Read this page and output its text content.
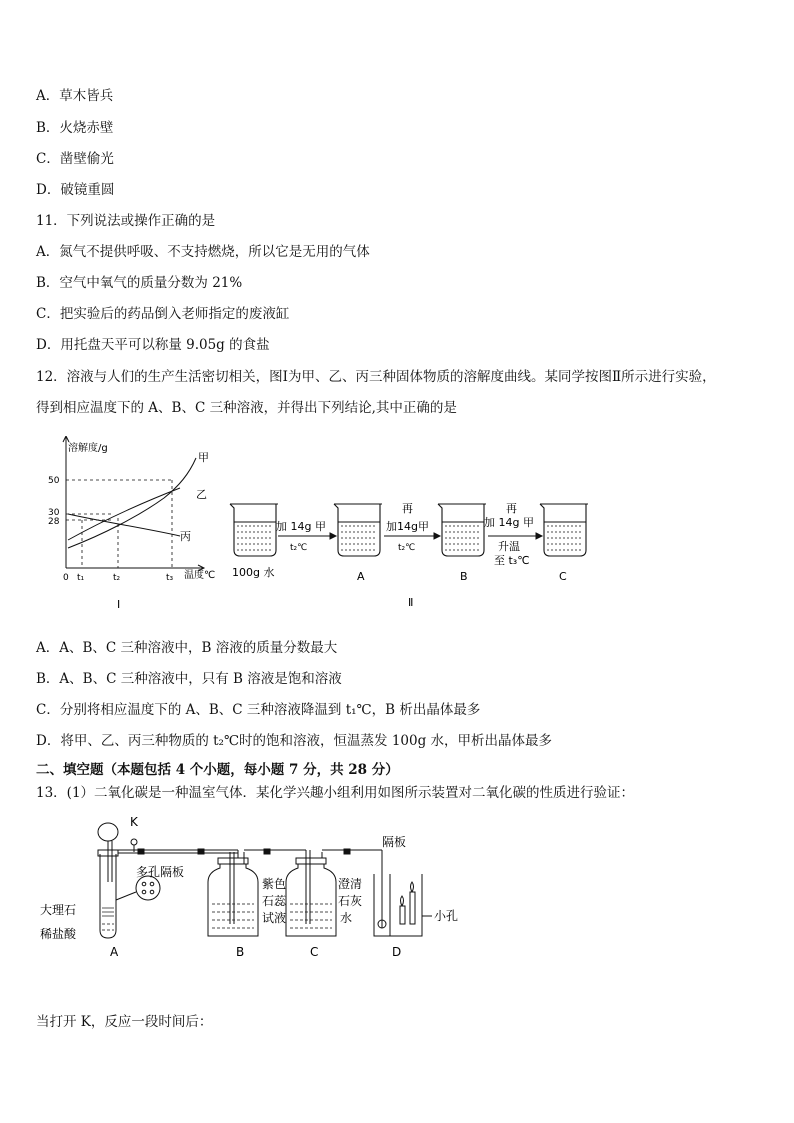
A．草木皆兵
B．火烧赤壁
C．凿壁偷光
D．破镜重圆
11．下列说法或操作正确的是
A．氮气不提供呼吸、不支持燃烧，所以它是无用的气体
B．空气中氧气的质量分数为 21%
C．把实验后的药品倒入老师指定的废液缸
D．用托盘天平可以称量 9.05g 的食盐
12．溶液与人们的生产生活密切相关，图Ⅰ为甲、乙、丙三种固体物质的溶解度曲线。某同学按图Ⅱ所示进行实验，
得到相应温度下的 A、B、C 三种溶液，并得出下列结论,其中正确的是
溶解度/g
50
30
28
0 t₁	t₂	t₃ 温度℃
甲
乙
丙
Ⅰ
加 14g 甲
t₂℃
再
加14g甲
t₂℃
再
加 14g 甲
升温
至 t₃℃
100g 水	A	B	C
Ⅱ
A．A、B、C 三种溶液中，B 溶液的质量分数最大
B．A、B、C 三种溶液中，只有 B 溶液是饱和溶液
C．分别将相应温度下的 A、B、C 三种溶液降温到 t₁℃，B 析出晶体最多
D．将甲、乙、丙三种物质的 t₂℃时的饱和溶液，恒温蒸发 100g 水，甲析出晶体最多
二、填空题（本题包括 4 个小题，每小题 7 分，共 28 分）
13．(1）二氧化碳是一种温室气体．某化学兴趣小组利用如图所示装置对二氧化碳的性质进行验证：
K
多孔隔板
大理石
稀盐酸
紫色
石蕊
试液
澄清
石灰
水
隔板
小孔
A	B	C	D
当打开 K，反应一段时间后：
